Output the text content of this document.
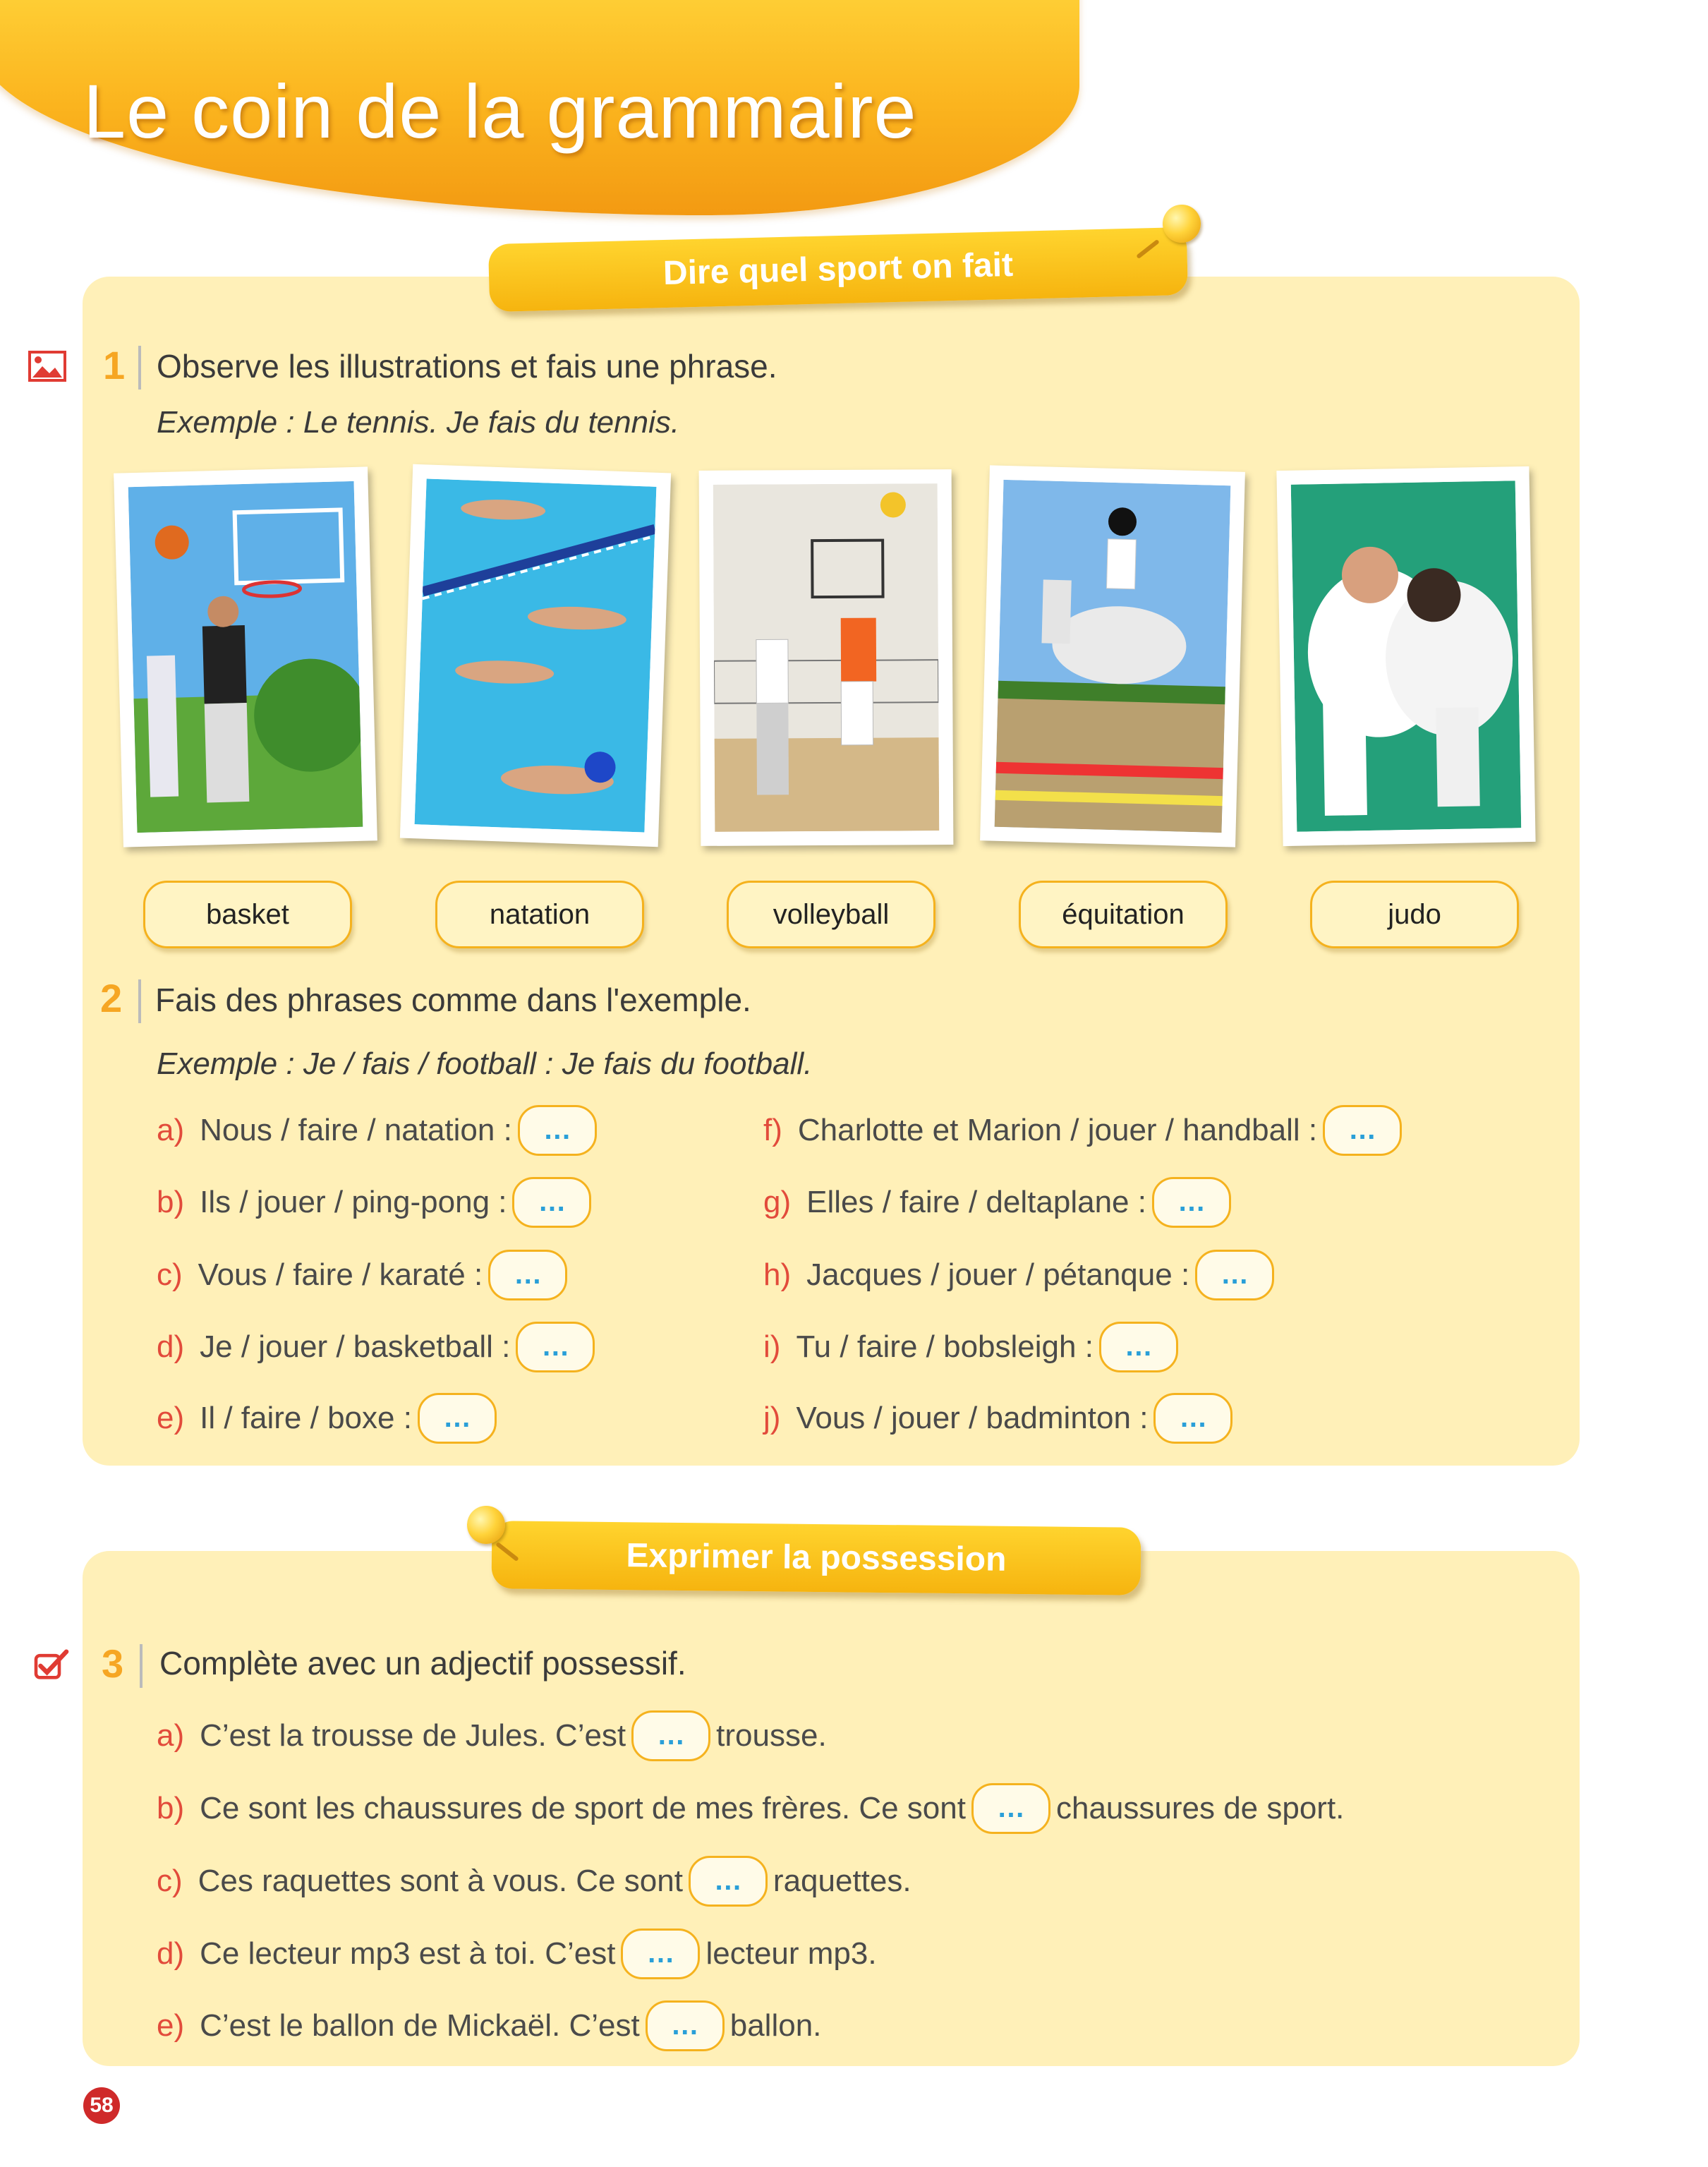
Le coin de la grammaire
Dire quel sport on fait
1 Observe les illustrations et fais une phrase.
Exemple : Le tennis. Je fais du tennis.
basket	natation	volleyball	équitation	judo
2 Fais des phrases comme dans l'exemple.
Exemple : Je / fais / football : Je fais du football.
a) Nous / faire / natation :	…
b) Ils / jouer / ping-pong :	…
c) Vous / faire / karaté :	…
d) Je / jouer / basketball :	…
e) Il / faire / boxe :	…
f) Charlotte et Marion / jouer / handball :	…
g) Elles / faire / deltaplane :	…
h) Jacques / jouer / pétanque :	…
i) Tu / faire / bobsleigh :	…
j) Vous / jouer / badminton :	…
Exprimer la possession
3 Complète avec un adjectif possessif.
a) C’est la trousse de Jules. C’est	…	trousse.
b) Ce sont les chaussures de sport de mes frères. Ce sont	…	chaussures de sport.
c) Ces raquettes sont à vous. Ce sont	…	raquettes.
d) Ce lecteur mp3 est à toi. C’est	…	lecteur mp3.
e) C’est le ballon de Mickaël. C’est	…	ballon.
58
